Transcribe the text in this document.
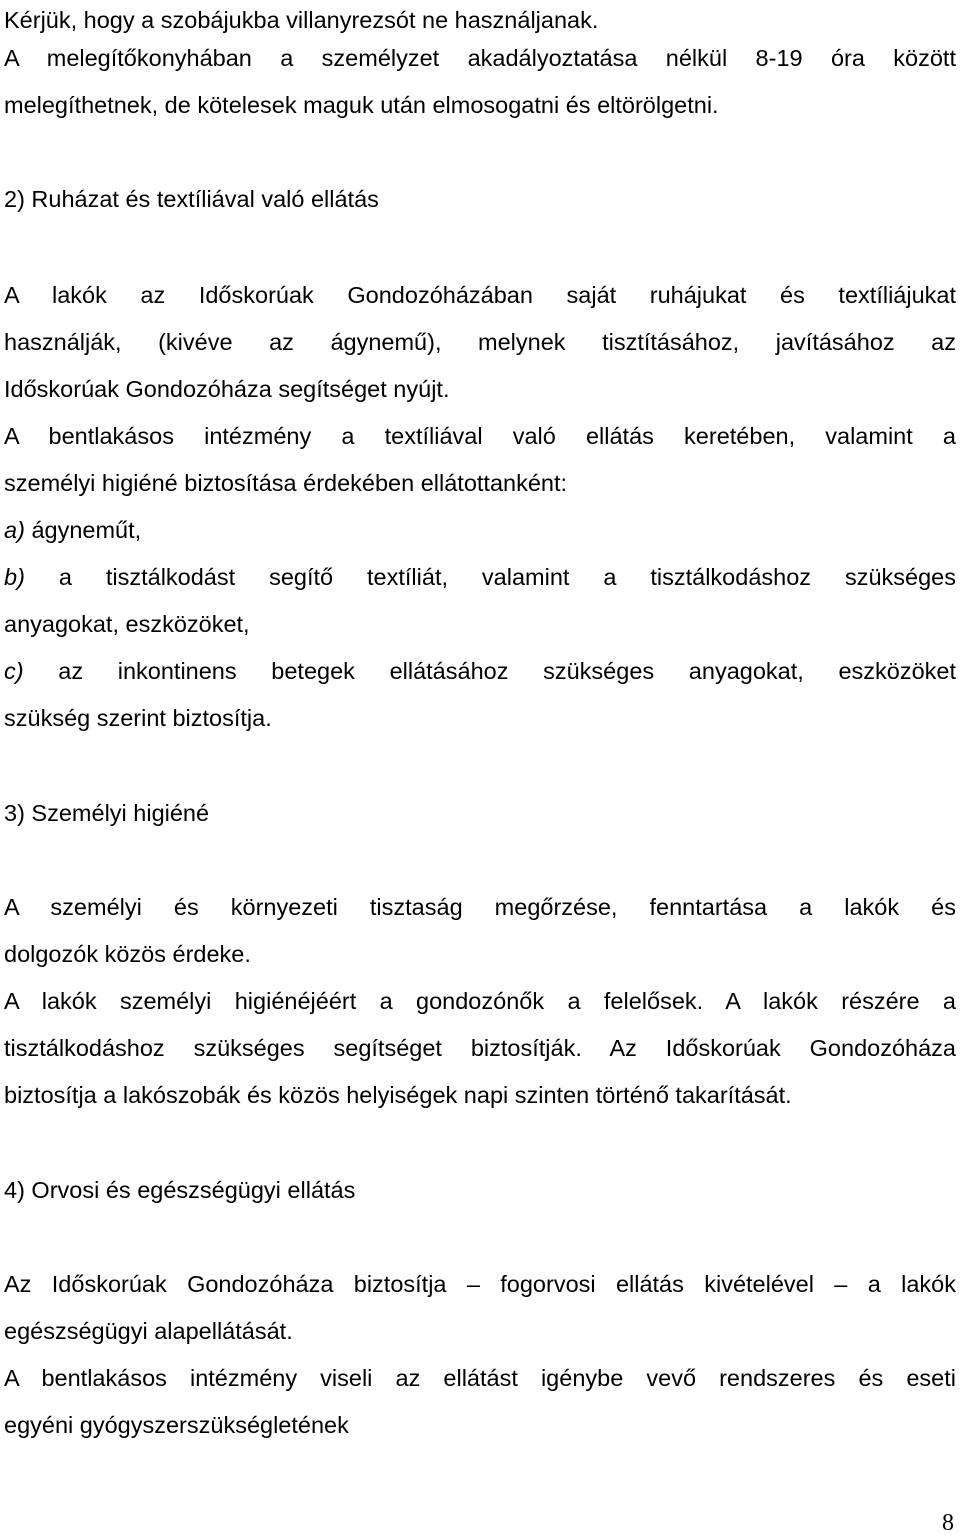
Kérjük, hogy a szobájukba villanyrezsót ne használjanak.
A melegítőkonyhában a személyzet akadályoztatása nélkül 8-19 óra között
melegíthetnek, de kötelesek maguk után elmosogatni és eltörölgetni.
2) Ruházat és textíliával való ellátás
A lakók az Időskorúak Gondozóházában saját ruhájukat és textíliájukat
használják, (kivéve az ágynemű), melynek tisztításához, javításához az
Időskorúak Gondozóháza segítséget nyújt.
A bentlakásos intézmény a textíliával való ellátás keretében, valamint a
személyi higiéné biztosítása érdekében ellátottanként:
a) ágyneműt,
b) a tisztálkodást segítő textíliát, valamint a tisztálkodáshoz szükséges
anyagokat, eszközöket,
c) az inkontinens betegek ellátásához szükséges anyagokat, eszközöket
szükség szerint biztosítja.
3) Személyi higiéné
A személyi és környezeti tisztaság megőrzése, fenntartása a lakók és
dolgozók közös érdeke.
A lakók személyi higiénéjéért a gondozónők a felelősek. A lakók részére a
tisztálkodáshoz szükséges segítséget biztosítják. Az Időskorúak Gondozóháza
biztosítja a lakószobák és közös helyiségek napi szinten történő takarítását.
4) Orvosi és egészségügyi ellátás
Az Időskorúak Gondozóháza biztosítja – fogorvosi ellátás kivételével – a lakók
egészségügyi alapellátását.
A bentlakásos intézmény viseli az ellátást igénybe vevő rendszeres és eseti
egyéni gyógyszerszükségletének
8
